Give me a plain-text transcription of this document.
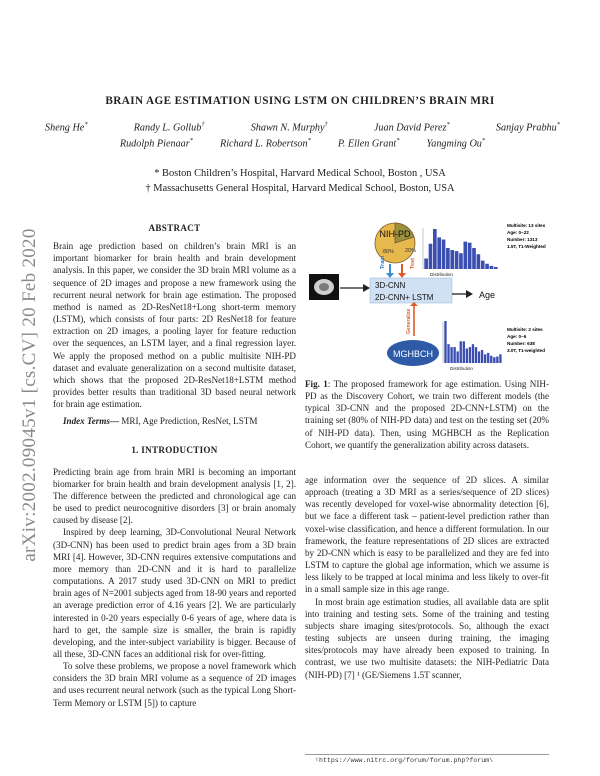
arXiv:2002.09045v1 [cs.CV] 20 Feb 2020
BRAIN AGE ESTIMATION USING LSTM ON CHILDREN’S BRAIN MRI
Sheng He*	Randy L. Gollub†	Shawn N. Murphy†	Juan David Perez*	Sanjay Prabhu*
Rudolph Pienaar*	Richard L. Robertson*	P. Ellen Grant*	Yangming Ou*
* Boston Children’s Hospital, Harvard Medical School, Boston , USA
† Massachusetts General Hospital, Harvard Medical School, Boston, USA
ABSTRACT

Brain age prediction based on children’s brain MRI is an important biomarker for brain health and brain development analysis. In this paper, we consider the 3D brain MRI volume as a sequence of 2D images and propose a new framework using the recurrent neural network for brain age estimation. The proposed method is named as 2D-ResNet18+Long short-term memory (LSTM), which consists of four parts: 2D ResNet18 for feature extraction on 2D images, a pooling layer for feature reduction over the sequences, an LSTM layer, and a final regression layer. We apply the proposed method on a public multisite NIH-PD dataset and evaluate generalization on a second multisite dataset, which shows that the proposed 2D-ResNet18+LSTM method provides better results than traditional 3D based neural network for brain age estimation.

Index Terms— MRI, Age Prediction, ResNet, LSTM

1. INTRODUCTION

Predicting brain age from brain MRI is becoming an important biomarker for brain health and brain development analysis [1, 2]. The difference between the predicted and chronological age can be used to predict neurocognitive disorders [3] or brain anomaly caused by disease [2].

Inspired by deep learning, 3D-Convolutional Neural Network (3D-CNN) has been used to predict brain ages from a 3D brain MRI [4]. However, 3D-CNN requires extensive computations and more memory than 2D-CNN and it is hard to parallelize computations. A 2017 study used 3D-CNN on MRI to predict brain ages of N=2001 subjects aged from 18-90 years and reported an average prediction error of 4.16 years [2]. We are particularly interested in 0-20 years especially 0-6 years of age, where data is hard to get, the sample size is smaller, the brain is rapidly developing, and the inter-subject variability is bigger. Because of all these, 3D-CNN faces an additional risk for over-fitting.

To solve these problems, we propose a novel framework which considers the 3D brain MRI volume as a sequence of 2D images and uses recurrent neural network (such as the typical Long Short-Term Memory or LSTM [5]) to capture

NIH-PD
80% 20%
Distribution
Multisite: 13 sites
Age: 0~22
Number: 1313
1.5T, T1-Weighted
Train	Test
3D-CNN
2D-CNN+ LSTM	Age
Generalize
MGHBCH
Distribution
Multisite: 2 sites
Age: 0~6
Number: 638
3.0T, T1-weighted
Fig. 1: The proposed framework for age estimation. Using NIH-PD as the Discovery Cohort, we train two different models (the typical 3D-CNN and the proposed 2D-CNN+LSTM) on the training set (80% of NIH-PD data) and test on the testing set (20% of NIH-PD data). Then, using MGHBCH as the Replication Cohort, we quantify the generalization ability across datasets.

age information over the sequence of 2D slices. A similar approach (treating a 3D MRI as a series/sequence of 2D slices) was recently developed for voxel-wise abnormality detection [6], but we face a different task – patient-level prediction rather than voxel-wise classification, and hence a different formulation. In our framework, the feature representations of 2D slices are extracted by 2D-CNN which is easy to be parallelized and they are fed into LSTM to capture the global age information, which we assume is less likely to be trapped at local minima and less likely to over-fit in a small sample size in this age range.

In most brain age estimation studies, all available data are split into training and testing sets. Some of the training and testing subjects share imaging sites/protocols. So, although the exact testing subjects are unseen during training, the imaging sites/protocols may have already been exposed to training. In contrast, we use two multisite datasets: the NIH-Pediatric Data (NIH-PD) [7] ¹ (GE/Siemens 1.5T scanner,

¹https://www.nitrc.org/forum/forum.php?forum\
